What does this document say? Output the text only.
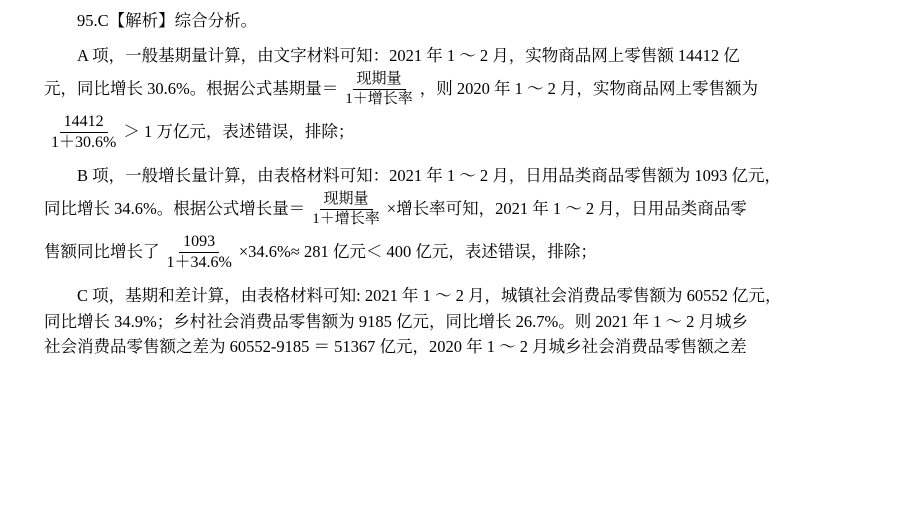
95.C【解析】综合分析。

A 项，一般基期量计算，由文字材料可知：2021 年 1 ～ 2 月，实物商品网上零售额 14412 亿
元，同比增长 30.6%。根据公式基期量＝ $\frac{\text{现期量}}{\text{1＋增长率}}$ ，则 2020 年 1 ～ 2 月，实物商品网上零售额为
$\frac{14412}{1+30.6\%} > 1$ 万亿元，表述错误，排除；

B 项，一般增长量计算，由表格材料可知：2021 年 1 ～ 2 月，日用品类商品零售额为 1093 亿元，
同比增长 34.6%。根据公式增长量＝ $\frac{\text{现期量}}{\text{1＋增长率}}$ ×增长率可知，2021 年 1 ～ 2 月，日用品类商品零
售额同比增长了 $\frac{1093}{1+34.6\%} \times 34.6\%\approx 281$ 亿元＜ 400 亿元，表述错误，排除；

C 项，基期和差计算，由表格材料可知: 2021 年 1 ～ 2 月，城镇社会消费品零售额为 60552 亿元，
同比增长 34.9%；乡村社会消费品零售额为 9185 亿元，同比增长 26.7%。则 2021 年 1 ～ 2 月城乡
社会消费品零售额之差为 60552-9185 ＝ 51367 亿元，2020 年 1 ～ 2 月城乡社会消费品零售额之差
